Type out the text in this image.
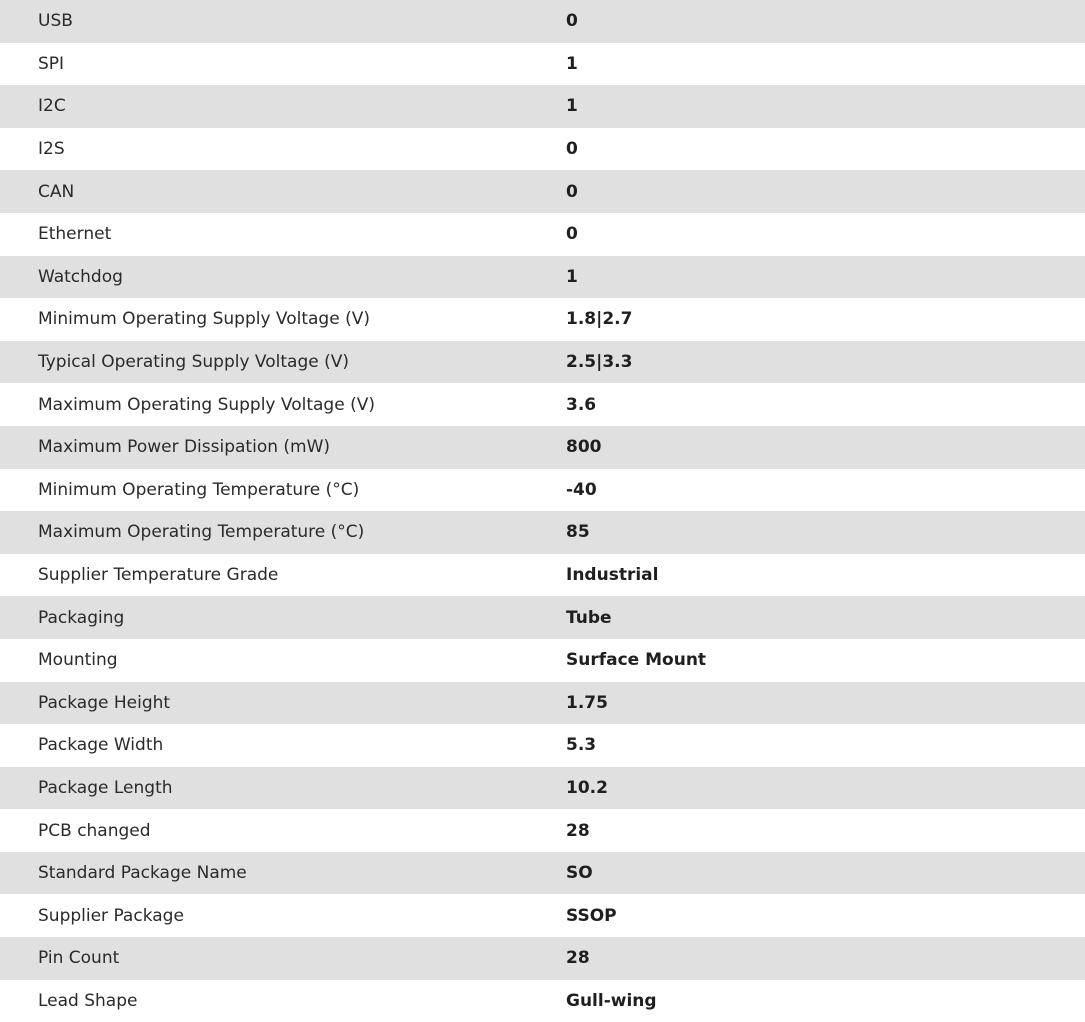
USB	0
SPI	1
I2C	1
I2S	0
CAN	0
Ethernet	0
Watchdog	1
Minimum Operating Supply Voltage (V)	1.8|2.7
Typical Operating Supply Voltage (V)	2.5|3.3
Maximum Operating Supply Voltage (V)	3.6
Maximum Power Dissipation (mW)	800
Minimum Operating Temperature (°C)	-40
Maximum Operating Temperature (°C)	85
Supplier Temperature Grade	Industrial
Packaging	Tube
Mounting	Surface Mount
Package Height	1.75
Package Width	5.3
Package Length	10.2
PCB changed	28
Standard Package Name	SO
Supplier Package	SSOP
Pin Count	28
Lead Shape	Gull-wing
